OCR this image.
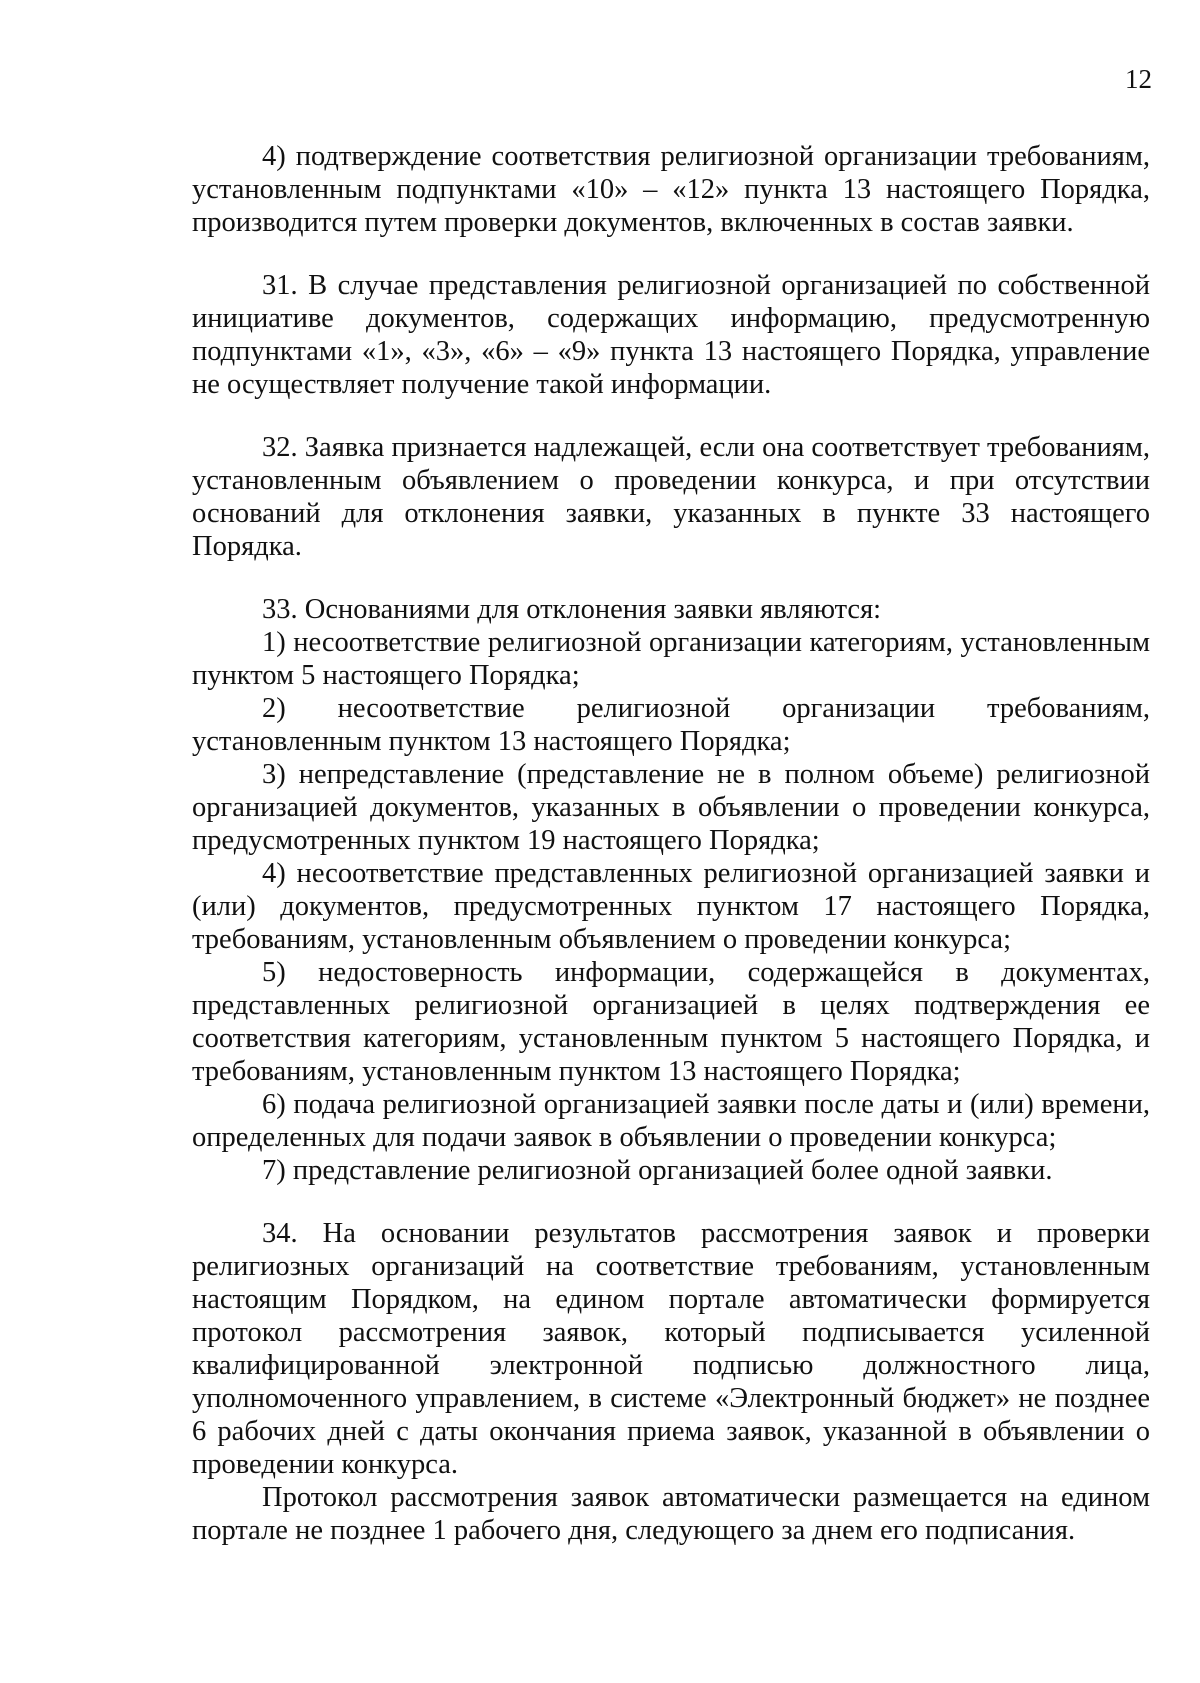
12

4) подтверждение соответствия религиозной организации требованиям, установленным подпунктами «10» – «12» пункта 13 настоящего Порядка, производится путем проверки документов, включенных в состав заявки.

31. В случае представления религиозной организацией по собственной инициативе документов, содержащих информацию, предусмотренную подпунктами «1», «3», «6» – «9» пункта 13 настоящего Порядка, управление не осуществляет получение такой информации.

32. Заявка признается надлежащей, если она соответствует требованиям, установленным объявлением о проведении конкурса, и при отсутствии оснований для отклонения заявки, указанных в пункте 33 настоящего Порядка.

33. Основаниями для отклонения заявки являются:

1) несоответствие религиозной организации категориям, установленным пунктом 5 настоящего Порядка;

2) несоответствие религиозной организации требованиям, установленным пунктом 13 настоящего Порядка;

3) непредставление (представление не в полном объеме) религиозной организацией документов, указанных в объявлении о проведении конкурса, предусмотренных пунктом 19 настоящего Порядка;

4) несоответствие представленных религиозной организацией заявки и (или) документов, предусмотренных пунктом 17 настоящего Порядка, требованиям, установленным объявлением о проведении конкурса;

5) недостоверность информации, содержащейся в документах, представленных религиозной организацией в целях подтверждения ее соответствия категориям, установленным пунктом 5 настоящего Порядка, и требованиям, установленным пунктом 13 настоящего Порядка;

6) подача религиозной организацией заявки после даты и (или) времени, определенных для подачи заявок в объявлении о проведении конкурса;

7) представление религиозной организацией более одной заявки.

34. На основании результатов рассмотрения заявок и проверки религиозных организаций на соответствие требованиям, установленным настоящим Порядком, на едином портале автоматически формируется протокол рассмотрения заявок, который подписывается усиленной квалифицированной электронной подписью должностного лица, уполномоченного управлением, в системе «Электронный бюджет» не позднее 6 рабочих дней с даты окончания приема заявок, указанной в объявлении о проведении конкурса.

Протокол рассмотрения заявок автоматически размещается на едином портале не позднее 1 рабочего дня, следующего за днем его подписания.
